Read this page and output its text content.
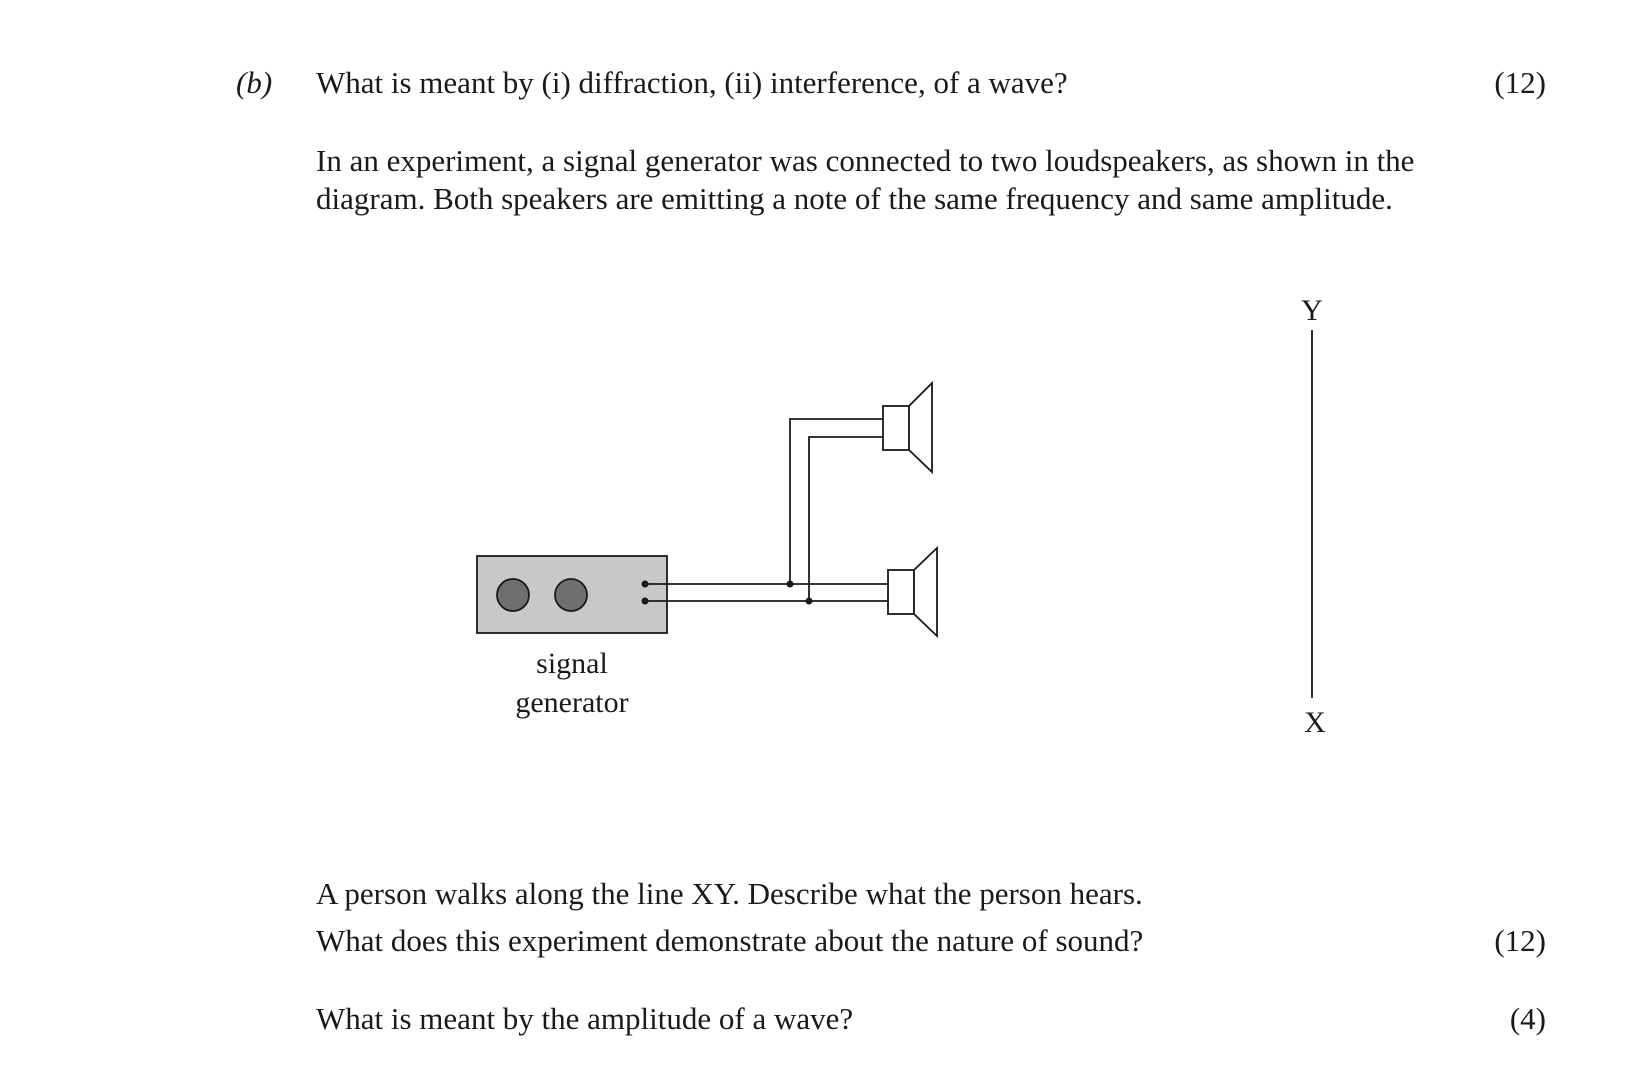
(b) What is meant by (i) diffraction, (ii) interference, of a wave?	(12)
In an experiment, a signal generator was connected to two loudspeakers, as shown in the
diagram. Both speakers are emitting a note of the same frequency and same amplitude.
signal
generator
Y
X
A person walks along the line XY. Describe what the person hears.
What does this experiment demonstrate about the nature of sound?	(12)
What is meant by the amplitude of a wave?	(4)
